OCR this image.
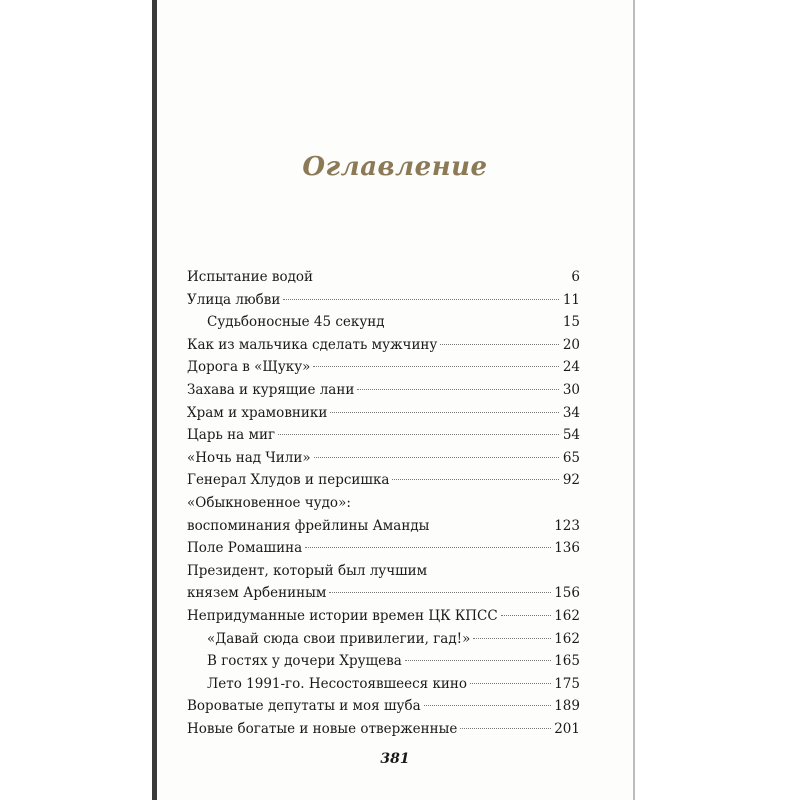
Оглавление
Испытание водой	6
Улица любви	11
Судьбоносные 45 секунд	15
Как из мальчика сделать мужчину	20
Дорога в «Щуку»	24
Захава и курящие лани	30
Храм и храмовники	34
Царь на миг	54
«Ночь над Чили»	65
Генерал Хлудов и персишка	92
«Обыкновенное чудо»:
воспоминания фрейлины Аманды	123
Поле Ромашина	136
Президент, который был лучшим
князем Арбениным	156
Непридуманные истории времен ЦК КПСС	162
«Давай сюда свои привилегии, гад!»	162
В гостях у дочери Хрущева	165
Лето 1991-го. Несостоявшееся кино	175
Вороватые депутаты и моя шуба	189
Новые богатые и новые отверженные	201
381
